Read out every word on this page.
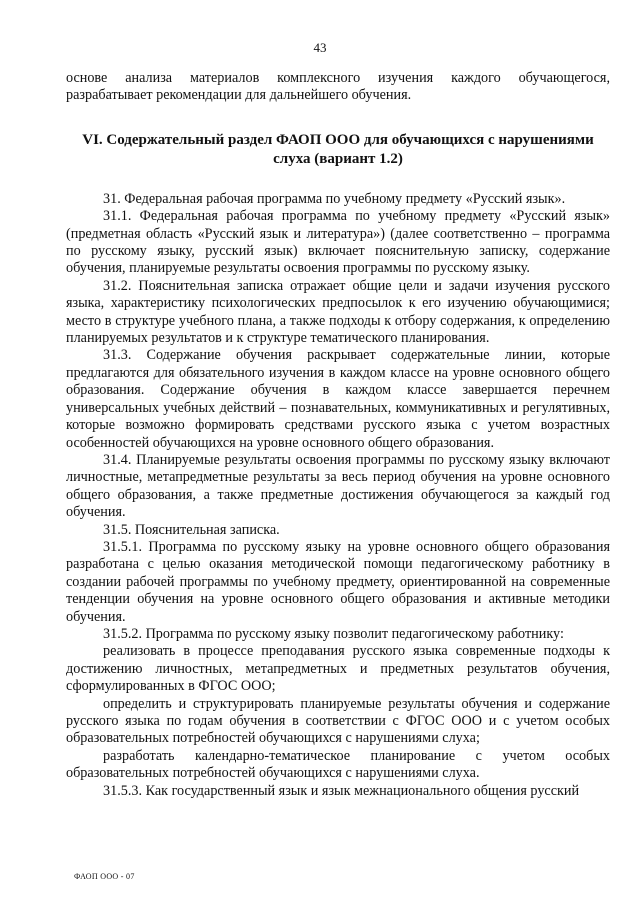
43

основе анализа материалов комплексного изучения каждого обучающегося, разрабатывает рекомендации для дальнейшего обучения.

VI. Содержательный раздел ФАОП ООО для обучающихся с нарушениями слуха (вариант 1.2)

31. Федеральная рабочая программа по учебному предмету «Русский язык».

31.1. Федеральная рабочая программа по учебному предмету «Русский язык» (предметная область «Русский язык и литература») (далее соответственно – программа по русскому языку, русский язык) включает пояснительную записку, содержание обучения, планируемые результаты освоения программы по русскому языку.

31.2. Пояснительная записка отражает общие цели и задачи изучения русского языка, характеристику психологических предпосылок к его изучению обучающимися; место в структуре учебного плана, а также подходы к отбору содержания, к определению планируемых результатов и к структуре тематического планирования.

31.3. Содержание обучения раскрывает содержательные линии, которые предлагаются для обязательного изучения в каждом классе на уровне основного общего образования. Содержание обучения в каждом классе завершается перечнем универсальных учебных действий – познавательных, коммуникативных и регулятивных, которые возможно формировать средствами русского языка с учетом возрастных особенностей обучающихся на уровне основного общего образования.

31.4. Планируемые результаты освоения программы по русскому языку включают личностные, метапредметные результаты за весь период обучения на уровне основного общего образования, а также предметные достижения обучающегося за каждый год обучения.

31.5. Пояснительная записка.

31.5.1. Программа по русскому языку на уровне основного общего образования разработана с целью оказания методической помощи педагогическому работнику в создании рабочей программы по учебному предмету, ориентированной на современные тенденции обучения на уровне основного общего образования и активные методики обучения.

31.5.2. Программа по русскому языку позволит педагогическому работнику:

реализовать в процессе преподавания русского языка современные подходы к достижению личностных, метапредметных и предметных результатов обучения, сформулированных в ФГОС ООО;

определить и структурировать планируемые результаты обучения и содержание русского языка по годам обучения в соответствии с ФГОС ООО и с учетом особых образовательных потребностей обучающихся с нарушениями слуха;

разработать календарно-тематическое планирование с учетом особых образовательных потребностей обучающихся с нарушениями слуха.

31.5.3. Как государственный язык и язык межнационального общения русский

ФАОП ООО - 07
